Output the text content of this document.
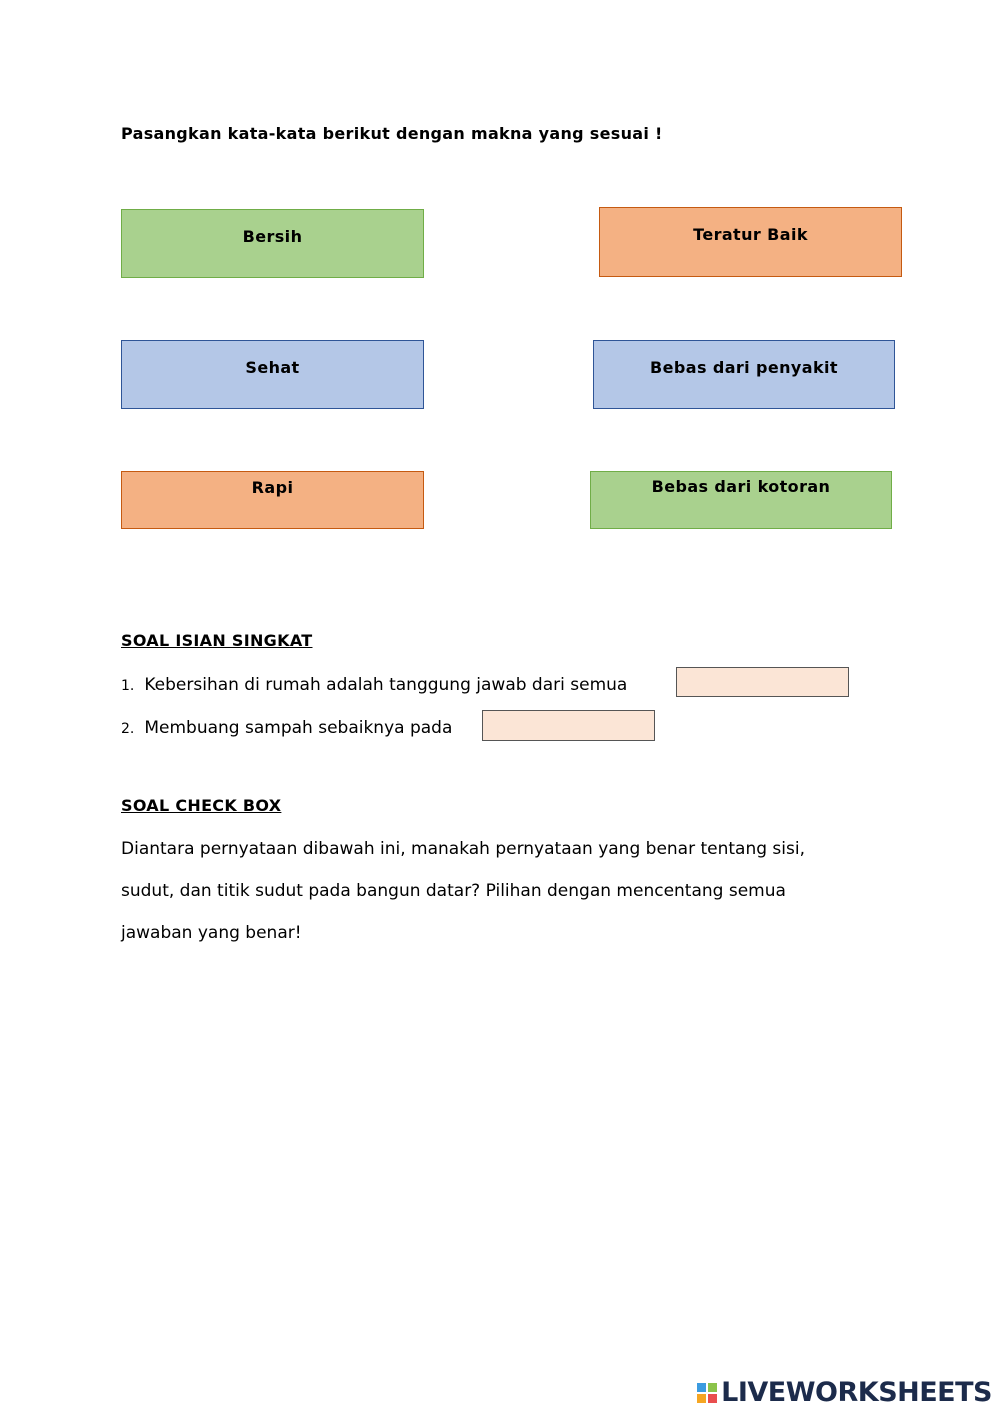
Pasangkan kata-kata berikut dengan makna yang sesuai !
Bersih	Teratur Baik
Sehat	Bebas dari penyakit
Rapi	Bebas dari kotoran
SOAL ISIAN SINGKAT
1. Kebersihan di rumah adalah tanggung jawab dari semua
2. Membuang sampah sebaiknya pada
SOAL CHECK BOX
Diantara pernyataan dibawah ini, manakah pernyataan yang benar tentang sisi,
sudut, dan titik sudut pada bangun datar? Pilihan dengan mencentang semua
jawaban yang benar!
LIVEWORKSHEETS
